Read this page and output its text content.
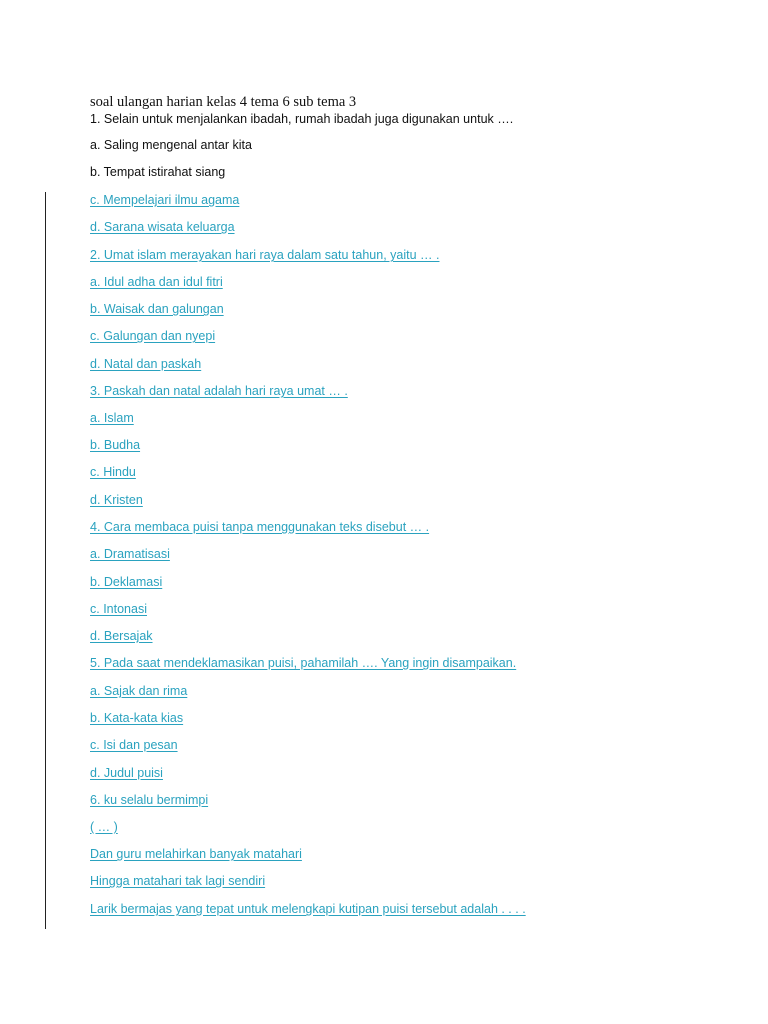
soal ulangan harian kelas 4 tema 6 sub tema 3
1. Selain untuk menjalankan ibadah, rumah ibadah juga digunakan untuk ….
a. Saling mengenal antar kita
b. Tempat istirahat siang
c. Mempelajari ilmu agama
d. Sarana wisata keluarga
2. Umat islam merayakan hari raya dalam satu tahun, yaitu … .
a. Idul adha dan idul fitri
b. Waisak dan galungan
c. Galungan dan nyepi
d. Natal dan paskah
3. Paskah dan natal adalah hari raya umat … .
a. Islam
b. Budha
c. Hindu
d. Kristen
4. Cara membaca puisi tanpa menggunakan teks disebut … .
a. Dramatisasi
b. Deklamasi
c. Intonasi
d. Bersajak
5. Pada saat mendeklamasikan puisi, pahamilah …. Yang ingin disampaikan.
a. Sajak dan rima
b. Kata-kata kias
c. Isi dan pesan
d. Judul puisi
6. ku selalu bermimpi
( … )
Dan guru melahirkan banyak matahari
Hingga matahari tak lagi sendiri
Larik bermajas yang tepat untuk melengkapi kutipan puisi tersebut adalah . . . .
